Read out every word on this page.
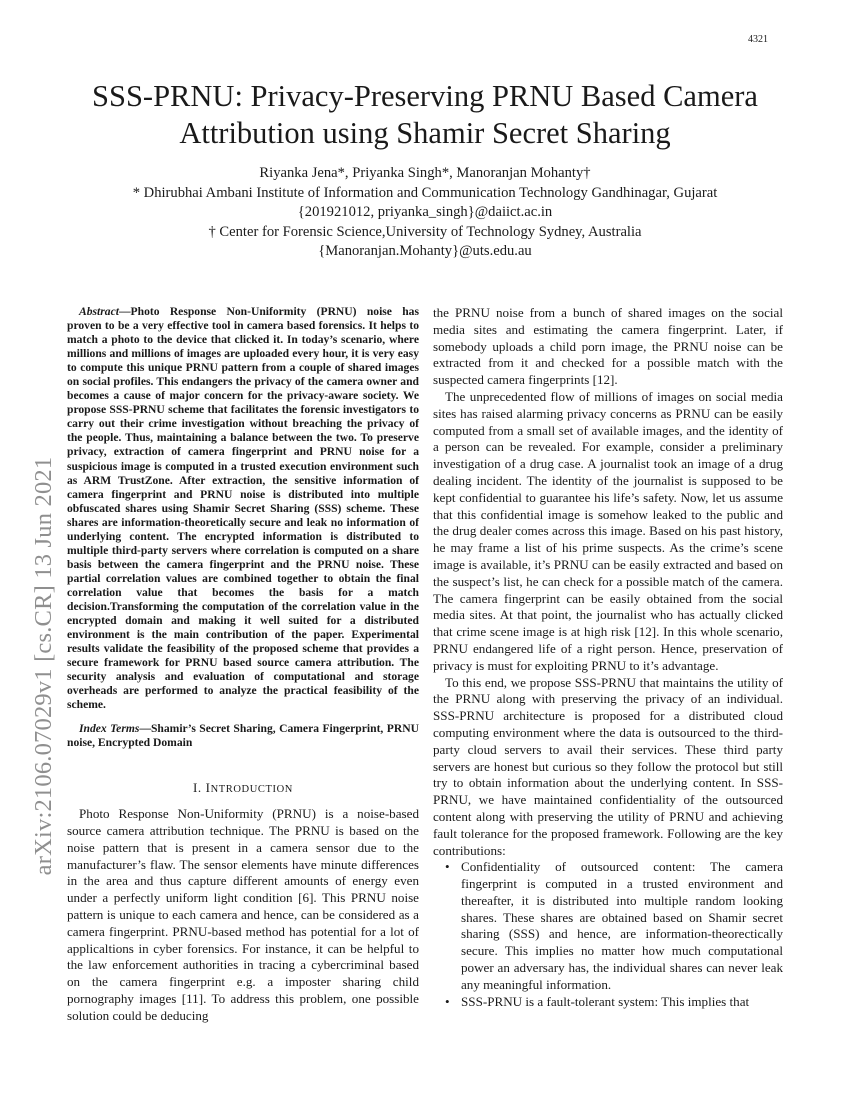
4321
arXiv:2106.07029v1 [cs.CR] 13 Jun 2021
SSS-PRNU: Privacy-Preserving PRNU Based Camera Attribution using Shamir Secret Sharing
Riyanka Jena*, Priyanka Singh*, Manoranjan Mohanty†
* Dhirubhai Ambani Institute of Information and Communication Technology Gandhinagar, Gujarat
{201921012, priyanka_singh}@daiict.ac.in
† Center for Forensic Science,University of Technology Sydney, Australia
{Manoranjan.Mohanty}@uts.edu.au

Abstract—Photo Response Non-Uniformity (PRNU) noise has proven to be a very effective tool in camera based forensics. It helps to match a photo to the device that clicked it. In today’s scenario, where millions and millions of images are uploaded every hour, it is very easy to compute this unique PRNU pattern from a couple of shared images on social profiles. This endangers the privacy of the camera owner and becomes a cause of major concern for the privacy-aware society. We propose SSS-PRNU scheme that facilitates the forensic investigators to carry out their crime investigation without breaching the privacy of the people. Thus, maintaining a balance between the two. To preserve privacy, extraction of camera fingerprint and PRNU noise for a suspicious image is computed in a trusted execution environment such as ARM TrustZone. After extraction, the sensitive information of camera fingerprint and PRNU noise is distributed into multiple obfuscated shares using Shamir Secret Sharing (SSS) scheme. These shares are information-theoretically secure and leak no information of underlying content. The encrypted information is distributed to multiple third-party servers where correlation is computed on a share basis between the camera fingerprint and the PRNU noise. These partial correlation values are combined together to obtain the final correlation value that becomes the basis for a match decision.Transforming the computation of the correlation value in the encrypted domain and making it well suited for a distributed environment is the main contribution of the paper. Experimental results validate the feasibility of the proposed scheme that provides a secure framework for PRNU based source camera attribution. The security analysis and evaluation of computational and storage overheads are performed to analyze the practical feasibility of the scheme.

Index Terms—Shamir’s Secret Sharing, Camera Fingerprint, PRNU noise, Encrypted Domain

I. INTRODUCTION

Photo Response Non-Uniformity (PRNU) is a noise-based source camera attribution technique. The PRNU is based on the noise pattern that is present in a camera sensor due to the manufacturer’s flaw. The sensor elements have minute differences in the area and thus capture different amounts of energy even under a perfectly uniform light condition [6]. This PRNU noise pattern is unique to each camera and hence, can be considered as a camera fingerprint. PRNU-based method has potential for a lot of applicaltions in cyber forensics. For instance, it can be helpful to the law enforcement authorities in tracing a cybercriminal based on the camera fingerprint e.g. a imposter sharing child pornography images [11]. To address this problem, one possible solution could be deducing

the PRNU noise from a bunch of shared images on the social media sites and estimating the camera fingerprint. Later, if somebody uploads a child porn image, the PRNU noise can be extracted from it and checked for a possible match with the suspected camera fingerprints [12].

The unprecedented flow of millions of images on social media sites has raised alarming privacy concerns as PRNU can be easily computed from a small set of available images, and the identity of a person can be revealed. For example, consider a preliminary investigation of a drug case. A journalist took an image of a drug dealing incident. The identity of the journalist is supposed to be kept confidential to guarantee his life’s safety. Now, let us assume that this confidential image is somehow leaked to the public and the drug dealer comes across this image. Based on his past history, he may frame a list of his prime suspects. As the crime’s scene image is available, it’s PRNU can be easily extracted and based on the suspect’s list, he can check for a possible match of the camera. The camera fingerprint can be easily obtained from the social media sites. At that point, the journalist who has actually clicked that crime scene image is at high risk [12]. In this whole scenario, PRNU endangered life of a right person. Hence, preservation of privacy is must for exploiting PRNU to it’s advantage.

To this end, we propose SSS-PRNU that maintains the utility of the PRNU along with preserving the privacy of an individual. SSS-PRNU architecture is proposed for a distributed cloud computing environment where the data is outsourced to the third-party cloud servers to avail their services. These third party servers are honest but curious so they follow the protocol but still try to obtain information about the underlying content. In SSS-PRNU, we have maintained confidentiality of the outsourced content along with preserving the utility of PRNU and achieving fault tolerance for the proposed framework. Following are the key contributions:

• Confidentiality of outsourced content: The camera fingerprint is computed in a trusted environment and thereafter, it is distributed into multiple random looking shares. These shares are obtained based on Shamir secret sharing (SSS) and hence, are information-theorectically secure. This implies no matter how much computational power an adversary has, the individual shares can never leak any meaningful information.
• SSS-PRNU is a fault-tolerant system: This implies that
